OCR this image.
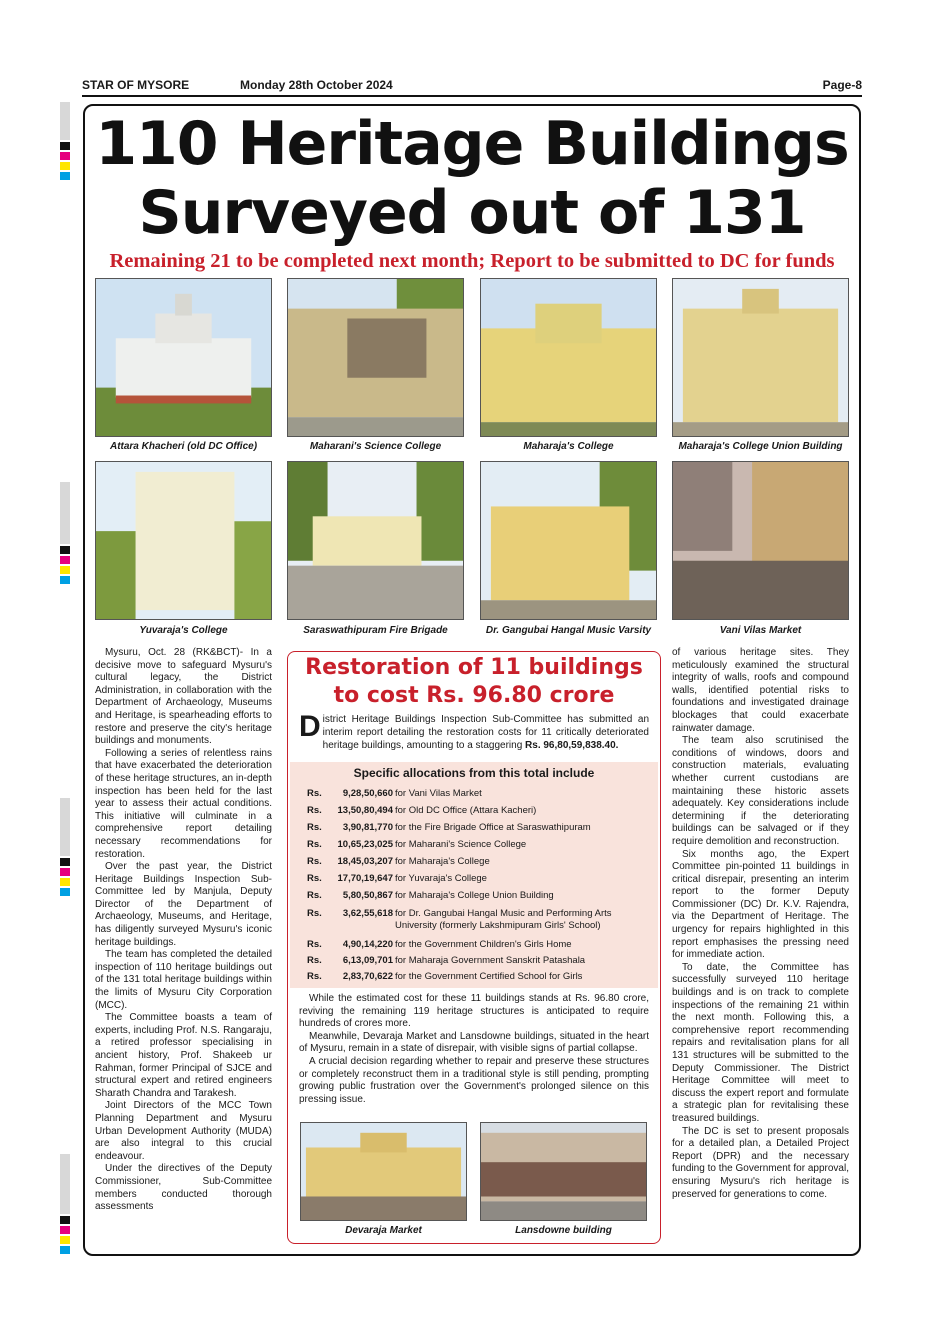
STAR OF MYSORE	Monday 28th October 2024	Page-8
110 Heritage Buildings
Surveyed out of 131
Remaining 21 to be completed next month; Report to be submitted to DC for funds
Attara Khacheri (old DC Office)	Maharani's Science College	Maharaja's College	Maharaja's College Union Building
Yuvaraja's College	Saraswathipuram Fire Brigade	Dr. Gangubai Hangal Music Varsity	Vani Vilas Market

Mysuru, Oct. 28 (RK&BCT)- In a decisive move to safeguard Mysuru's cultural legacy, the District Administration, in collaboration with the Department of Archaeology, Museums and Heritage, is spearheading efforts to restore and preserve the city's heritage buildings and monuments.

Following a series of relentless rains that have exacerbated the deterioration of these heritage structures, an in-depth inspection has been held for the last year to assess their actual conditions. This initiative will culminate in a comprehensive report detailing necessary recommendations for restoration.

Over the past year, the District Heritage Buildings Inspection Sub-Committee led by Manjula, Deputy Director of the Department of Archaeology, Museums, and Heritage, has diligently surveyed Mysuru's iconic heritage buildings.

The team has completed the detailed inspection of 110 heritage buildings out of the 131 total heritage buildings within the limits of Mysuru City Corporation (MCC).

The Committee boasts a team of experts, including Prof. N.S. Rangaraju, a retired professor specialising in ancient history, Prof. Shakeeb ur Rahman, former Principal of SJCE and structural expert and retired engineers Sharath Chandra and Tarakesh.

Joint Directors of the MCC Town Planning Department and Mysuru Urban Development Authority (MUDA) are also integral to this crucial endeavour.

Under the directives of the Deputy Commissioner, Sub-Committee members conducted thorough assessments

Restoration of 11 buildings
to cost Rs. 96.80 crore
District Heritage Buildings Inspection Sub-Committee has submitted an interim report detailing the restoration costs for 11 critically deteriorated heritage buildings, amounting to a staggering Rs. 96,80,59,838.40.
Specific allocations from this total include
Rs.	9,28,50,660 for Vani Vilas Market
Rs.	13,50,80,494 for Old DC Office (Attara Kacheri)
Rs.	3,90,81,770 for the Fire Brigade Office at Saraswathipuram
Rs.	10,65,23,025 for Maharani's Science College
Rs.	18,45,03,207 for Maharaja's College
Rs.	17,70,19,647 for Yuvaraja's College
Rs.	5,80,50,867 for Maharaja's College Union Building
Rs.	3,62,55,618 for Dr. Gangubai Hangal Music and Performing Arts University (formerly Lakshmipuram Girls' School)
Rs.	4,90,14,220 for the Government Children's Girls Home
Rs.	6,13,09,701 for Maharaja Government Sanskrit Patashala
Rs.	2,83,70,622 for the Government Certified School for Girls

While the estimated cost for these 11 buildings stands at Rs. 96.80 crore, reviving the remaining 119 heritage structures is anticipated to require hundreds of crores more.

Meanwhile, Devaraja Market and Lansdowne buildings, situated in the heart of Mysuru, remain in a state of disrepair, with visible signs of partial collapse.

A crucial decision regarding whether to repair and preserve these structures or completely reconstruct them in a traditional style is still pending, prompting growing public frustration over the Government's prolonged silence on this pressing issue.

Devaraja Market	Lansdowne building

of various heritage sites. They meticulously examined the structural integrity of walls, roofs and compound walls, identified potential risks to foundations and investigated drainage blockages that could exacerbate rainwater damage.

The team also scrutinised the conditions of windows, doors and construction materials, evaluating whether current custodians are maintaining these historic assets adequately. Key considerations include determining if the deteriorating buildings can be salvaged or if they require demolition and reconstruction.

Six months ago, the Expert Committee pin-pointed 11 buildings in critical disrepair, presenting an interim report to the former Deputy Commissioner (DC) Dr. K.V. Rajendra, via the Department of Heritage. The urgency for repairs highlighted in this report emphasises the pressing need for immediate action.

To date, the Committee has successfully surveyed 110 heritage buildings and is on track to complete inspections of the remaining 21 within the next month. Following this, a comprehensive report recommending repairs and revitalisation plans for all 131 structures will be submitted to the Deputy Commissioner. The District Heritage Committee will meet to discuss the expert report and formulate a strategic plan for revitalising these treasured buildings.

The DC is set to present proposals for a detailed plan, a Detailed Project Report (DPR) and the necessary funding to the Government for approval, ensuring Mysuru's rich heritage is preserved for generations to come.
